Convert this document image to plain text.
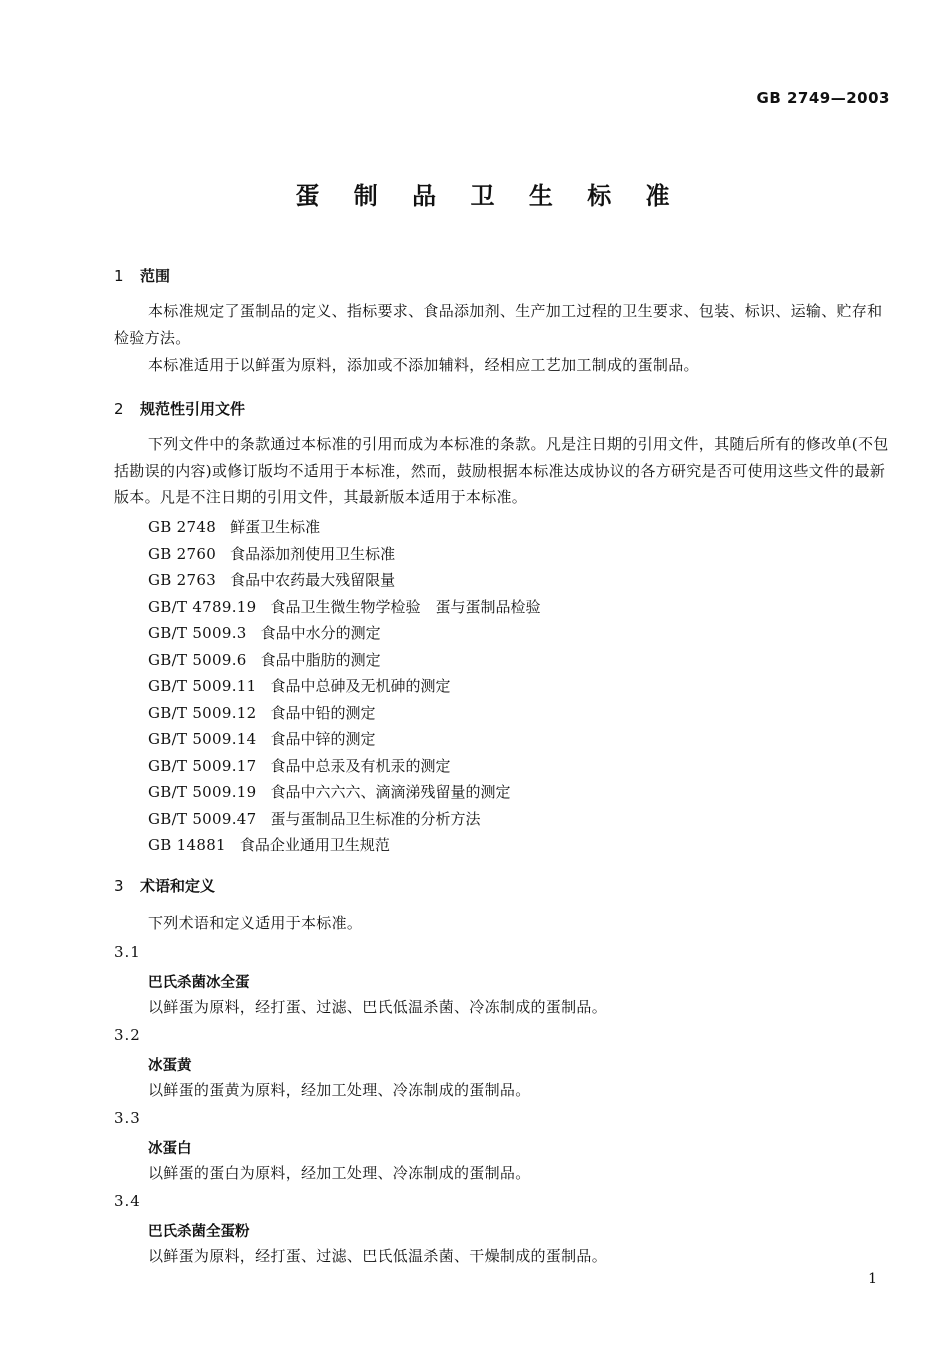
GB 2749—2003
蛋 制 品 卫 生 标 准
1 范围
本标准规定了蛋制品的定义、指标要求、食品添加剂、生产加工过程的卫生要求、包装、标识、运输、贮存和检验方法。
本标准适用于以鲜蛋为原料，添加或不添加辅料，经相应工艺加工制成的蛋制品。
2 规范性引用文件
下列文件中的条款通过本标准的引用而成为本标准的条款。凡是注日期的引用文件，其随后所有的修改单(不包括勘误的内容)或修订版均不适用于本标准，然而，鼓励根据本标准达成协议的各方研究是否可使用这些文件的最新版本。凡是不注日期的引用文件，其最新版本适用于本标准。
GB 2748 鲜蛋卫生标准
GB 2760 食品添加剂使用卫生标准
GB 2763 食品中农药最大残留限量
GB/T 4789.19 食品卫生微生物学检验　蛋与蛋制品检验
GB/T 5009.3 食品中水分的测定
GB/T 5009.6 食品中脂肪的测定
GB/T 5009.11 食品中总砷及无机砷的测定
GB/T 5009.12 食品中铅的测定
GB/T 5009.14 食品中锌的测定
GB/T 5009.17 食品中总汞及有机汞的测定
GB/T 5009.19 食品中六六六、滴滴涕残留量的测定
GB/T 5009.47 蛋与蛋制品卫生标准的分析方法
GB 14881 食品企业通用卫生规范
3 术语和定义
下列术语和定义适用于本标准。
3.1
巴氏杀菌冰全蛋
以鲜蛋为原料，经打蛋、过滤、巴氏低温杀菌、冷冻制成的蛋制品。
3.2
冰蛋黄
以鲜蛋的蛋黄为原料，经加工处理、冷冻制成的蛋制品。
3.3
冰蛋白
以鲜蛋的蛋白为原料，经加工处理、冷冻制成的蛋制品。
3.4
巴氏杀菌全蛋粉
以鲜蛋为原料，经打蛋、过滤、巴氏低温杀菌、干燥制成的蛋制品。
1
